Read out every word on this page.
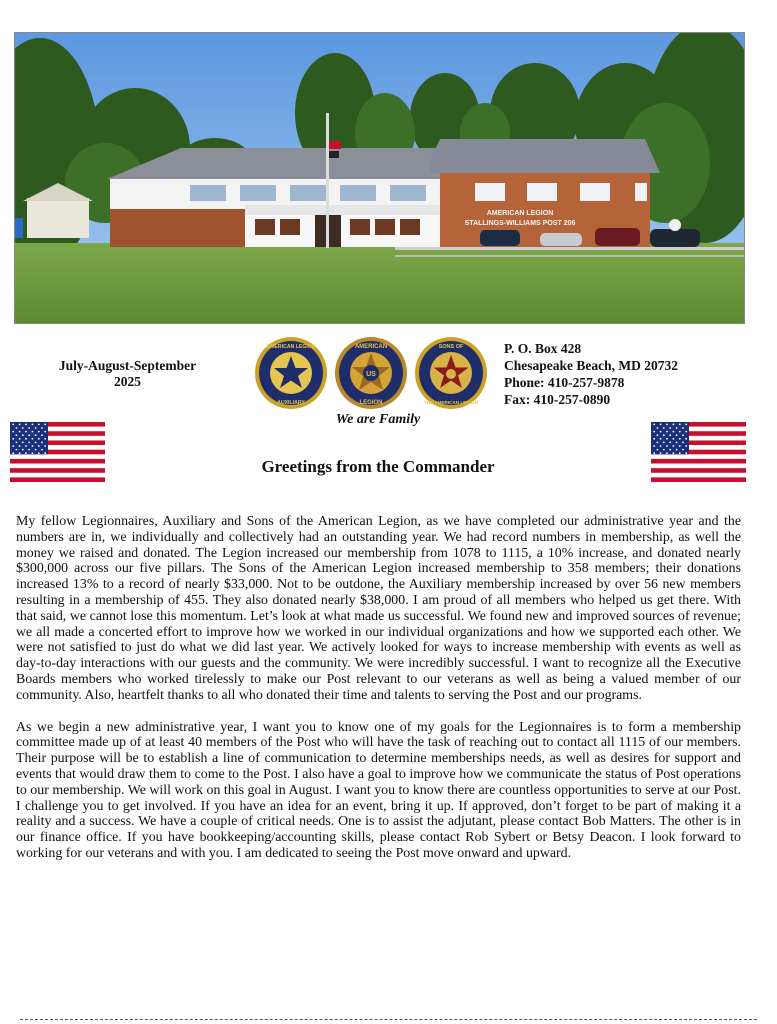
AMERICAN LEGION
STALLINGS-WILLIAMS POST 206
July-August-September
2025
AMERICAN LEGION
AUXILIARY
US
AMERICAN
LEGION
SONS OF
THE AMERICAN LEGION
We are Family
P. O. Box 428
Chesapeake Beach, MD 20732
Phone: 410-257-9878
Fax: 410-257-0890
Greetings from the Commander

My fellow Legionnaires, Auxiliary and Sons of the American Legion, as we have completed our administrative year and the numbers are in, we individually and collectively had an outstanding year. We had record numbers in membership, as well the money we raised and donated. The Legion increased our membership from 1078 to 1115, a 10% increase, and donated nearly $300,000 across our five pillars. The Sons of the American Legion increased membership to 358 members; their donations increased 13% to a record of nearly $33,000. Not to be outdone, the Auxiliary membership increased by over 56 new members resulting in a membership of 455. They also donated nearly $38,000. I am proud of all members who helped us get there. With that said, we cannot lose this momentum. Let’s look at what made us successful. We found new and improved sources of revenue; we all made a concerted effort to improve how we worked in our individual organizations and how we supported each other. We were not satisfied to just do what we did last year. We actively looked for ways to increase membership with events as well as day-to-day interactions with our guests and the community. We were incredibly successful. I want to recognize all the Executive Boards members who worked tirelessly to make our Post relevant to our veterans as well as being a valued member of our community. Also, heartfelt thanks to all who donated their time and talents to serving the Post and our programs.

As we begin a new administrative year, I want you to know one of my goals for the Legionnaires is to form a membership committee made up of at least 40 members of the Post who will have the task of reaching out to contact all 1115 of our members. Their purpose will be to establish a line of communication to determine memberships needs, as well as desires for support and events that would draw them to come to the Post. I also have a goal to improve how we communicate the status of Post operations to our membership. We will work on this goal in August. I want you to know there are countless opportunities to serve at our Post. I challenge you to get involved. If you have an idea for an event, bring it up. If approved, don’t forget to be part of making it a reality and a success. We have a couple of critical needs. One is to assist the adjutant, please contact Bob Matters. The other is in our finance office. If you have bookkeeping/accounting skills, please contact Rob Sybert or Betsy Deacon. I look forward to working for our veterans and with you. I am dedicated to seeing the Post move onward and upward.
